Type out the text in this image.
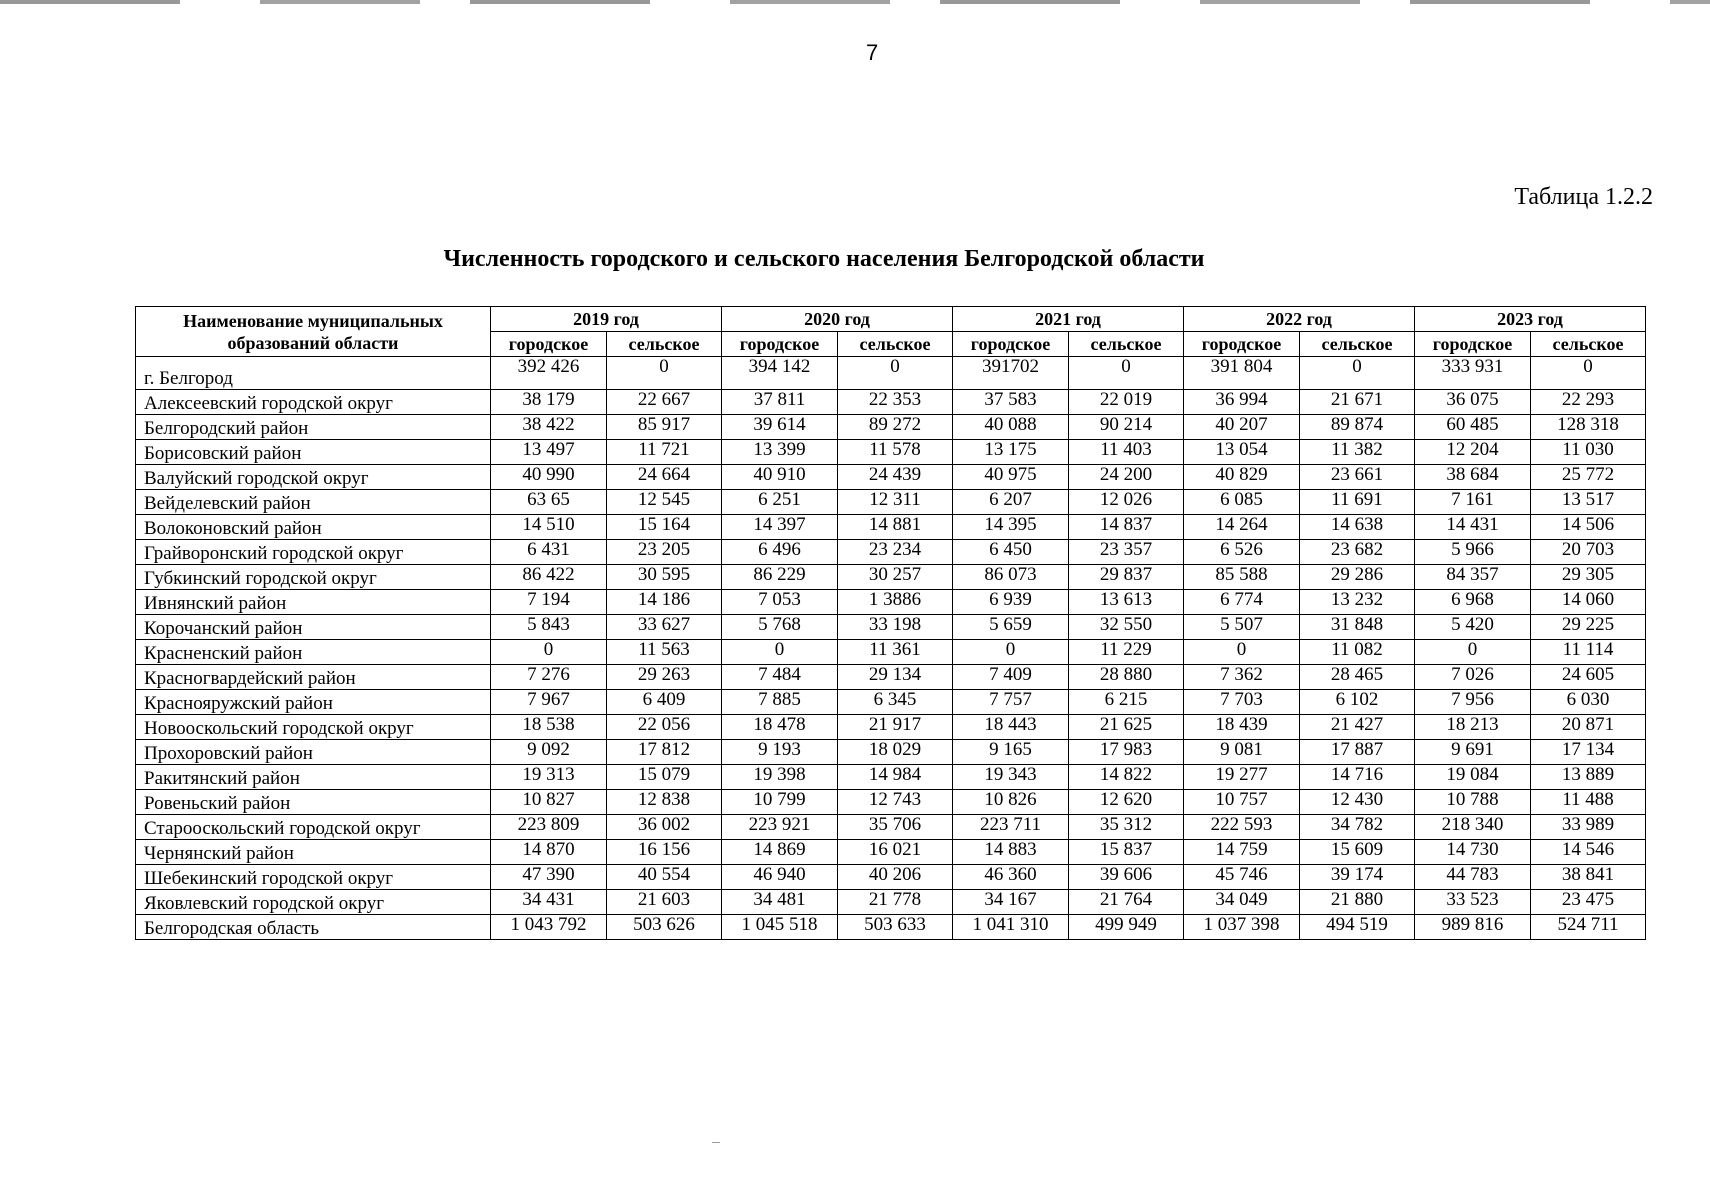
7
Таблица 1.2.2
Численность городского и сельского населения Белгородской области
Наименование муниципальных образований области	2019 год		2020 год		2021 год		2022 год		2023 год	
	городское	сельское	городское	сельское	городское	сельское	городское	сельское	городское	сельское
г. Белгород	392 426	0	394 142	0	391702	0	391 804	0	333 931	0
Алексеевский городской округ	38 179	22 667	37 811	22 353	37 583	22 019	36 994	21 671	36 075	22 293
Белгородский район	38 422	85 917	39 614	89 272	40 088	90 214	40 207	89 874	60 485	128 318
Борисовский район	13 497	11 721	13 399	11 578	13 175	11 403	13 054	11 382	12 204	11 030
Валуйский городской округ	40 990	24 664	40 910	24 439	40 975	24 200	40 829	23 661	38 684	25 772
Вейделевский район	63 65	12 545	6 251	12 311	6 207	12 026	6 085	11 691	7 161	13 517
Волоконовский район	14 510	15 164	14 397	14 881	14 395	14 837	14 264	14 638	14 431	14 506
Грайворонский городской округ	6 431	23 205	6 496	23 234	6 450	23 357	6 526	23 682	5 966	20 703
Губкинский городской округ	86 422	30 595	86 229	30 257	86 073	29 837	85 588	29 286	84 357	29 305
Ивнянский район	7 194	14 186	7 053	1 3886	6 939	13 613	6 774	13 232	6 968	14 060
Корочанский район	5 843	33 627	5 768	33 198	5 659	32 550	5 507	31 848	5 420	29 225
Красненский район	0	11 563	0	11 361	0	11 229	0	11 082	0	11 114
Красногвардейский район	7 276	29 263	7 484	29 134	7 409	28 880	7 362	28 465	7 026	24 605
Краснояружский район	7 967	6 409	7 885	6 345	7 757	6 215	7 703	6 102	7 956	6 030
Новооскольский городской округ	18 538	22 056	18 478	21 917	18 443	21 625	18 439	21 427	18 213	20 871
Прохоровский район	9 092	17 812	9 193	18 029	9 165	17 983	9 081	17 887	9 691	17 134
Ракитянский район	19 313	15 079	19 398	14 984	19 343	14 822	19 277	14 716	19 084	13 889
Ровеньский район	10 827	12 838	10 799	12 743	10 826	12 620	10 757	12 430	10 788	11 488
Старооскольский городской округ	223 809	36 002	223 921	35 706	223 711	35 312	222 593	34 782	218 340	33 989
Чернянский район	14 870	16 156	14 869	16 021	14 883	15 837	14 759	15 609	14 730	14 546
Шебекинский городской округ	47 390	40 554	46 940	40 206	46 360	39 606	45 746	39 174	44 783	38 841
Яковлевский городской округ	34 431	21 603	34 481	21 778	34 167	21 764	34 049	21 880	33 523	23 475
Белгородская область	1 043 792	503 626	1 045 518	503 633	1 041 310	499 949	1 037 398	494 519	989 816	524 711
